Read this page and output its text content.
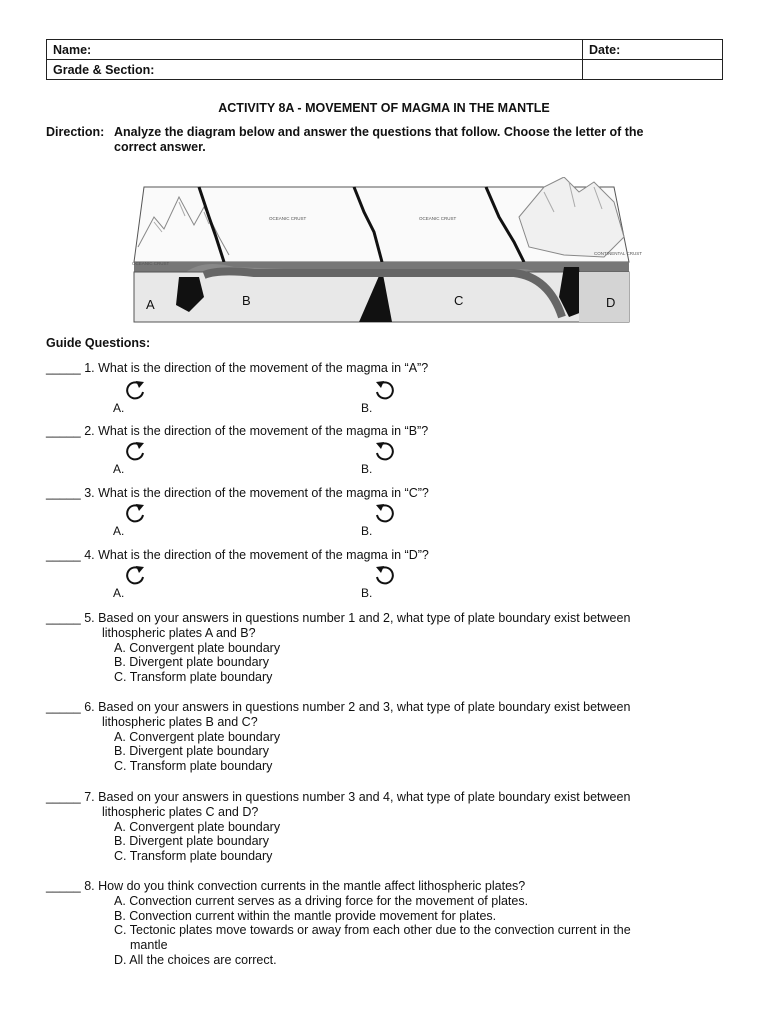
Name:	Date:
Grade & Section:	
ACTIVITY 8A - MOVEMENT OF MAGMA IN THE MANTLE
Direction: Analyze the diagram below and answer the questions that follow. Choose the letter of the
correct answer.
OCEANIC CRUST	OCEANIC CRUST
OCEANIC CRUST
CONTINENTAL CRUST
A	B	C	D
Guide Questions:
_____ 1. What is the direction of the movement of the magma in “A”?
A.	B.
_____ 2. What is the direction of the movement of the magma in “B”?
A.	B.
_____ 3. What is the direction of the movement of the magma in “C”?
A.	B.
_____ 4. What is the direction of the movement of the magma in “D”?
A.	B.
_____ 5. Based on your answers in questions number 1 and 2, what type of plate boundary exist between
lithospheric plates A and B?
A. Convergent plate boundary
B. Divergent plate boundary
C. Transform plate boundary
_____ 6. Based on your answers in questions number 2 and 3, what type of plate boundary exist between
lithospheric plates B and C?
A. Convergent plate boundary
B. Divergent plate boundary
C. Transform plate boundary
_____ 7. Based on your answers in questions number 3 and 4, what type of plate boundary exist between
lithospheric plates C and D?
A. Convergent plate boundary
B. Divergent plate boundary
C. Transform plate boundary
_____ 8. How do you think convection currents in the mantle affect lithospheric plates?
A. Convection current serves as a driving force for the movement of plates.
B. Convection current within the mantle provide movement for plates.
C. Tectonic plates move towards or away from each other due to the convection current in the
mantle
D. All the choices are correct.
